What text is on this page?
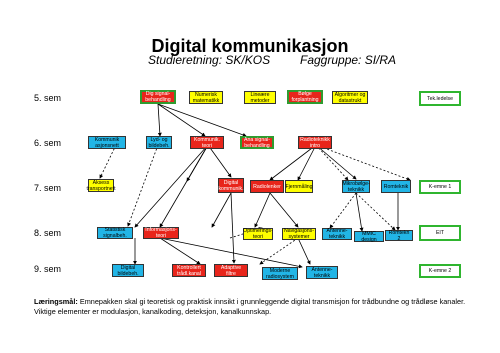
Digital kommunikasjon
Studieretning: SK/KOS Faggruppe: SI/RA
5. sem
6. sem
7. sem
8. sem
9. sem
Dig signal-
behandling
Numerisk
matematikk
Lineære
metoder
Bølge
forplantning
Algoritmer og
datastrukt
Kommunik
asjonsnett
Lyd- og
bildebeh.
Kommunik.
teori
Ana signal-
behandling
Radioteknikk
intro
Aksess
transportnett
Digital
kommunik.	Radiolenker Fjernmåling	Mikrobølge-
teknikk	Romteknik
Statistisk
signalbeh.
Informasjons-
teori
Optimerings-
teori
Navigasjons-
systemer
Antenne-
teknikk
MMIC design
Romtekn 2
Digital
bildebeh.
Kontrollert
trådl.kanal
Adaptive
filtre	Moderne
radiosystem
Antenne-
teknikk
Tek.ledelse
K-emne 1
EIT
K-emne 2
Læringsmål: Emnepakken skal gi teoretisk og praktisk innsikt i grunnleggende digital transmisjon for trådbundne og trådløse kanaler. Viktige elementer er modulasjon, kanalkoding, deteksjon, kanalkunnskap.
